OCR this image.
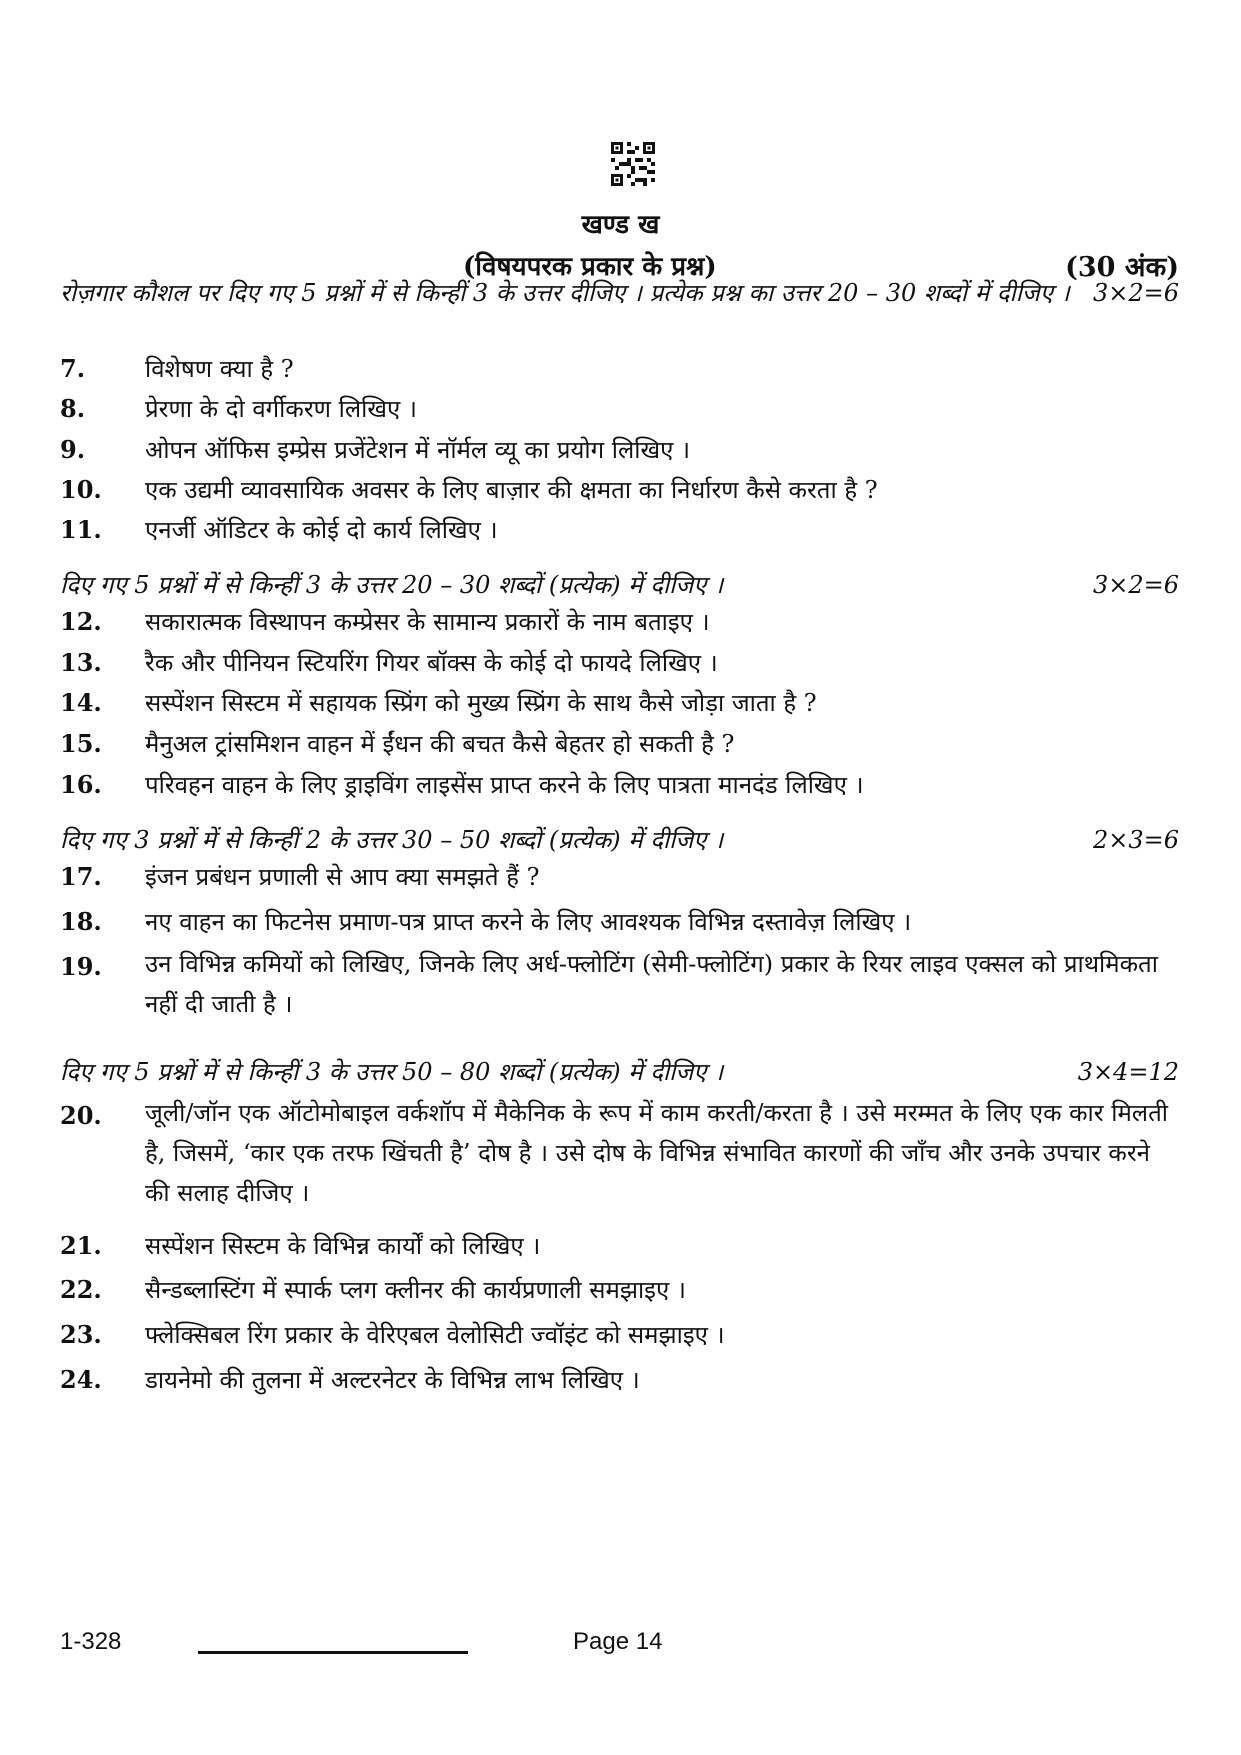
खण्ड ख
(विषयपरक प्रकार के प्रश्न)	(30 अंक)
रोज़गार कौशल पर दिए गए 5 प्रश्नों में से किन्हीं 3 के उत्तर दीजिए । प्रत्येक प्रश्न का उत्तर 20 – 30 शब्दों में दीजिए । 3×2=6
7. विशेषण क्या है ?
8. प्रेरणा के दो वर्गीकरण लिखिए ।
9. ओपन ऑफिस इम्प्रेस प्रजेंटेशन में नॉर्मल व्यू का प्रयोग लिखिए ।
10. एक उद्यमी व्यावसायिक अवसर के लिए बाज़ार की क्षमता का निर्धारण कैसे करता है ?
11. एनर्जी ऑडिटर के कोई दो कार्य लिखिए ।
दिए गए 5 प्रश्नों में से किन्हीं 3 के उत्तर 20 – 30 शब्दों (प्रत्येक) में दीजिए ।	3×2=6
12. सकारात्मक विस्थापन कम्प्रेसर के सामान्य प्रकारों के नाम बताइए ।
13. रैक और पीनियन स्टियरिंग गियर बॉक्स के कोई दो फायदे लिखिए ।
14. सस्पेंशन सिस्टम में सहायक स्प्रिंग को मुख्य स्प्रिंग के साथ कैसे जोड़ा जाता है ?
15. मैनुअल ट्रांसमिशन वाहन में ईंधन की बचत कैसे बेहतर हो सकती है ?
16. परिवहन वाहन के लिए ड्राइविंग लाइसेंस प्राप्त करने के लिए पात्रता मानदंड लिखिए ।
दिए गए 3 प्रश्नों में से किन्हीं 2 के उत्तर 30 – 50 शब्दों (प्रत्येक) में दीजिए ।	2×3=6
17. इंजन प्रबंधन प्रणाली से आप क्या समझते हैं ?
18. नए वाहन का फिटनेस प्रमाण-पत्र प्राप्त करने के लिए आवश्यक विभिन्न दस्तावेज़ लिखिए ।
19. उन विभिन्न कमियों को लिखिए, जिनके लिए अर्ध-फ्लोटिंग (सेमी-फ्लोटिंग) प्रकार के रियर लाइव एक्सल को प्राथमिकता नहीं दी जाती है ।
दिए गए 5 प्रश्नों में से किन्हीं 3 के उत्तर 50 – 80 शब्दों (प्रत्येक) में दीजिए ।	3×4=12
20. जूली/जॉन एक ऑटोमोबाइल वर्कशॉप में मैकेनिक के रूप में काम करती/करता है । उसे मरम्मत के लिए एक कार मिलती है, जिसमें, ‘कार एक तरफ खिंचती है’ दोष है । उसे दोष के विभिन्न संभावित कारणों की जाँच और उनके उपचार करने की सलाह दीजिए ।
21. सस्पेंशन सिस्टम के विभिन्न कार्यों को लिखिए ।
22. सैन्डब्लास्टिंग में स्पार्क प्लग क्लीनर की कार्यप्रणाली समझाइए ।
23. फ्लेक्सिबल रिंग प्रकार के वेरिएबल वेलोसिटी ज्वॉइंट को समझाइए ।
24. डायनेमो की तुलना में अल्टरनेटर के विभिन्न लाभ लिखिए ।
1-328	Page 14
